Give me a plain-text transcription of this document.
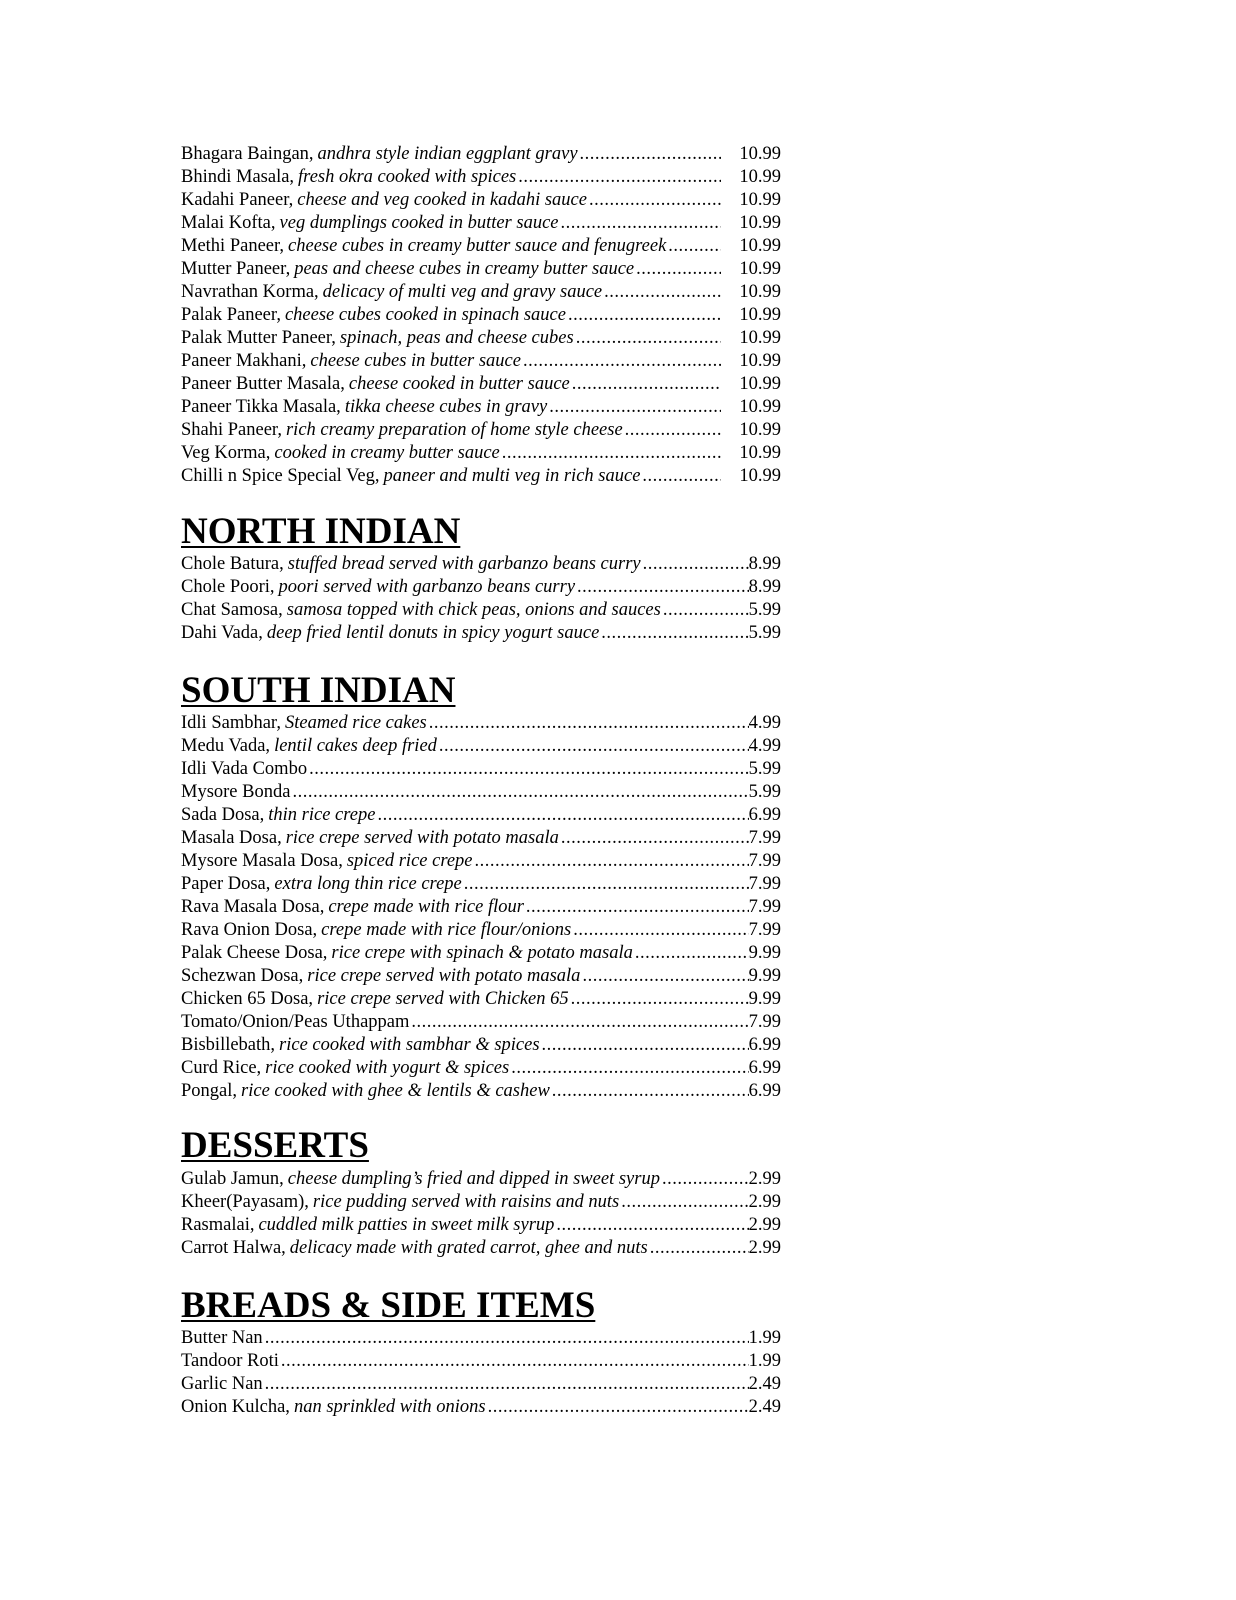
Bhagara Baingan, andhra style indian eggplant gravy .....	10.99
Bhindi Masala, fresh okra cooked with spices .....	10.99
Kadahi Paneer, cheese and veg cooked in kadahi sauce .....	10.99
Malai Kofta, veg dumplings cooked in butter sauce .....	10.99
Methi Paneer, cheese cubes in creamy butter sauce and fenugreek .....	10.99
Mutter Paneer, peas and cheese cubes in creamy butter sauce .....	10.99
Navrathan Korma, delicacy of multi veg and gravy sauce .....	10.99
Palak Paneer, cheese cubes cooked in spinach sauce .....	10.99
Palak Mutter Paneer, spinach, peas and cheese cubes .....	10.99
Paneer Makhani, cheese cubes in butter sauce .....	10.99
Paneer Butter Masala, cheese cooked in butter sauce .....	10.99
Paneer Tikka Masala, tikka cheese cubes in gravy .....	10.99
Shahi Paneer, rich creamy preparation of home style cheese .....	10.99
Veg Korma, cooked in creamy butter sauce .....	10.99
Chilli n Spice Special Veg, paneer and multi veg in rich sauce .....	10.99
NORTH INDIAN
Chole Batura, stuffed bread served with garbanzo beans curry .....	8.99
Chole Poori, poori served with garbanzo beans curry .....	8.99
Chat Samosa, samosa topped with chick peas, onions and sauces .....	5.99
Dahi Vada, deep fried lentil donuts in spicy yogurt sauce .....	5.99
SOUTH INDIAN
Idli Sambhar, Steamed rice cakes .....	4.99
Medu Vada, lentil cakes deep fried .....	4.99
Idli Vada Combo .....	5.99
Mysore Bonda .....	5.99
Sada Dosa, thin rice crepe .....	6.99
Masala Dosa, rice crepe served with potato masala .....	7.99
Mysore Masala Dosa, spiced rice crepe .....	7.99
Paper Dosa, extra long thin rice crepe .....	7.99
Rava Masala Dosa, crepe made with rice flour .....	7.99
Rava Onion Dosa, crepe made with rice flour/onions .....	7.99
Palak Cheese Dosa, rice crepe with spinach & potato masala .....	9.99
Schezwan Dosa, rice crepe served with potato masala .....	9.99
Chicken 65 Dosa, rice crepe served with Chicken 65 .....	9.99
Tomato/Onion/Peas Uthappam .....	7.99
Bisbillebath, rice cooked with sambhar & spices .....	6.99
Curd Rice, rice cooked with yogurt & spices .....	6.99
Pongal, rice cooked with ghee & lentils & cashew .....	6.99
DESSERTS
Gulab Jamun, cheese dumpling’s fried and dipped in sweet syrup .....	2.99
Kheer(Payasam), rice pudding served with raisins and nuts .....	2.99
Rasmalai, cuddled milk patties in sweet milk syrup .....	2.99
Carrot Halwa, delicacy made with grated carrot, ghee and nuts .....	2.99
BREADS & SIDE ITEMS
Butter Nan .....	1.99
Tandoor Roti .....	1.99
Garlic Nan .....	2.49
Onion Kulcha, nan sprinkled with onions .....	2.49
